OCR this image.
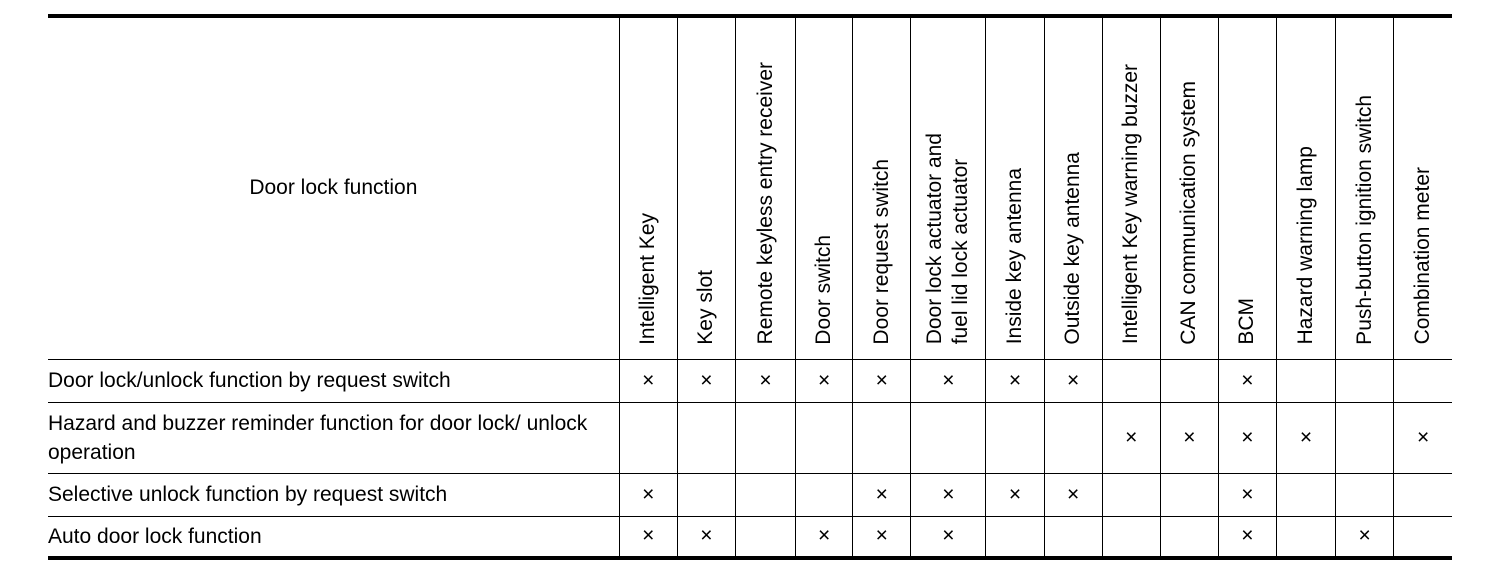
Door lock function	Intelligent Key	Key slot	Remote keyless entry receiver	Door switch	Door request switch	Door lock actuator and fuel lid lock actuator	Inside key antenna	Outside key antenna	Intelligent Key warning buzzer	CAN communication system	BCM	Hazard warning lamp	Push-button ignition switch	Combination meter

Door lock/unlock function by request switch	×	×	×	×	×	×	×	×			×			
Hazard and buzzer reminder function for door lock/ unlock operation									×	×	×	×		×
Selective unlock function by request switch	×				×	×	×	×			×			
Auto door lock function	×	×		×	×	×					×		×	
